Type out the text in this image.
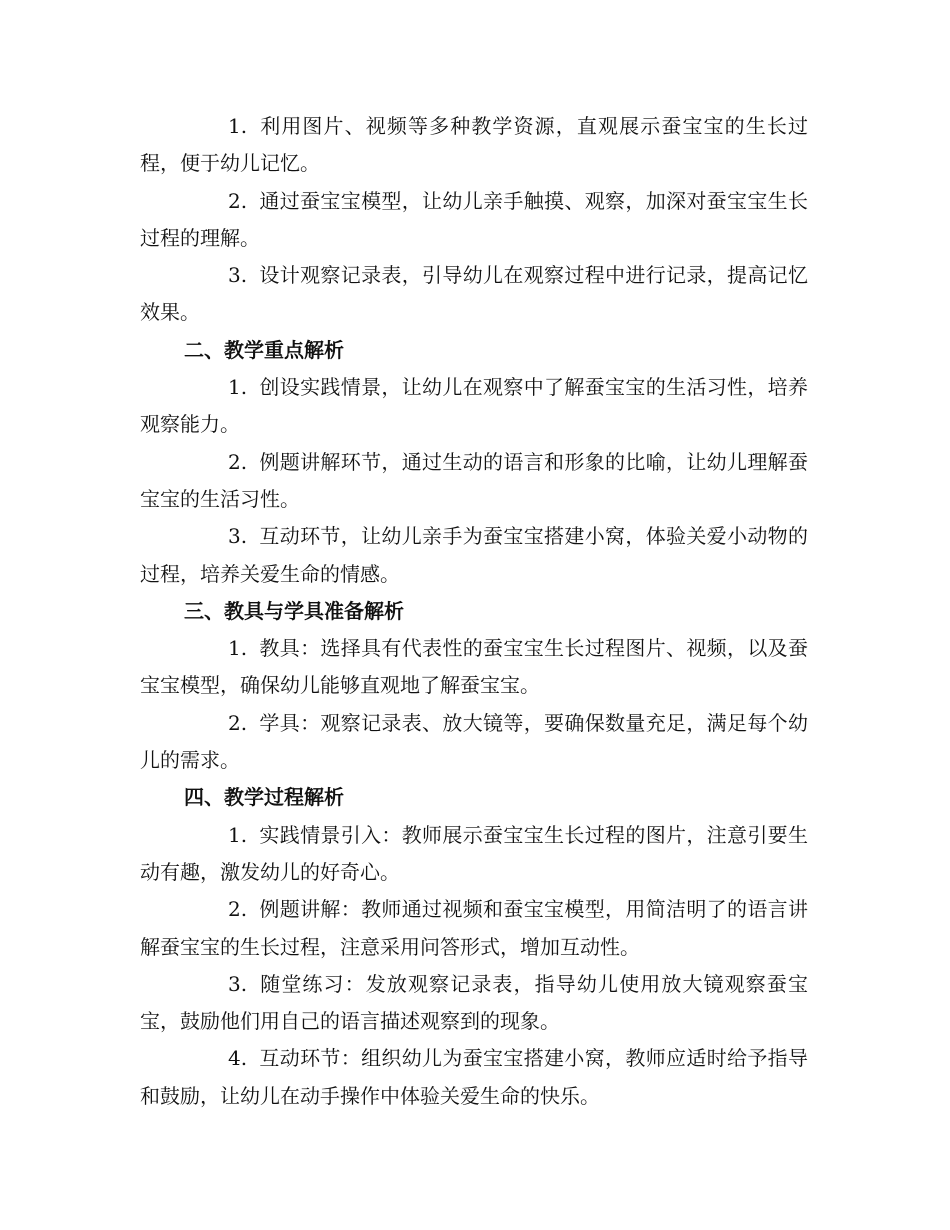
1. 利用图片、视频等多种教学资源，直观展示蚕宝宝的生长过程，便于幼儿记忆。

2. 通过蚕宝宝模型，让幼儿亲手触摸、观察，加深对蚕宝宝生长过程的理解。

3. 设计观察记录表，引导幼儿在观察过程中进行记录，提高记忆效果。

二、教学重点解析

1. 创设实践情景，让幼儿在观察中了解蚕宝宝的生活习性，培养观察能力。

2. 例题讲解环节，通过生动的语言和形象的比喻，让幼儿理解蚕宝宝的生活习性。

3. 互动环节，让幼儿亲手为蚕宝宝搭建小窝，体验关爱小动物的过程，培养关爱生命的情感。

三、教具与学具准备解析

1. 教具：选择具有代表性的蚕宝宝生长过程图片、视频，以及蚕宝宝模型，确保幼儿能够直观地了解蚕宝宝。

2. 学具：观察记录表、放大镜等，要确保数量充足，满足每个幼儿的需求。

四、教学过程解析

1. 实践情景引入：教师展示蚕宝宝生长过程的图片，注意引要生动有趣，激发幼儿的好奇心。

2. 例题讲解：教师通过视频和蚕宝宝模型，用简洁明了的语言讲解蚕宝宝的生长过程，注意采用问答形式，增加互动性。

3. 随堂练习：发放观察记录表，指导幼儿使用放大镜观察蚕宝宝，鼓励他们用自己的语言描述观察到的现象。

4. 互动环节：组织幼儿为蚕宝宝搭建小窝，教师应适时给予指导和鼓励，让幼儿在动手操作中体验关爱生命的快乐。
